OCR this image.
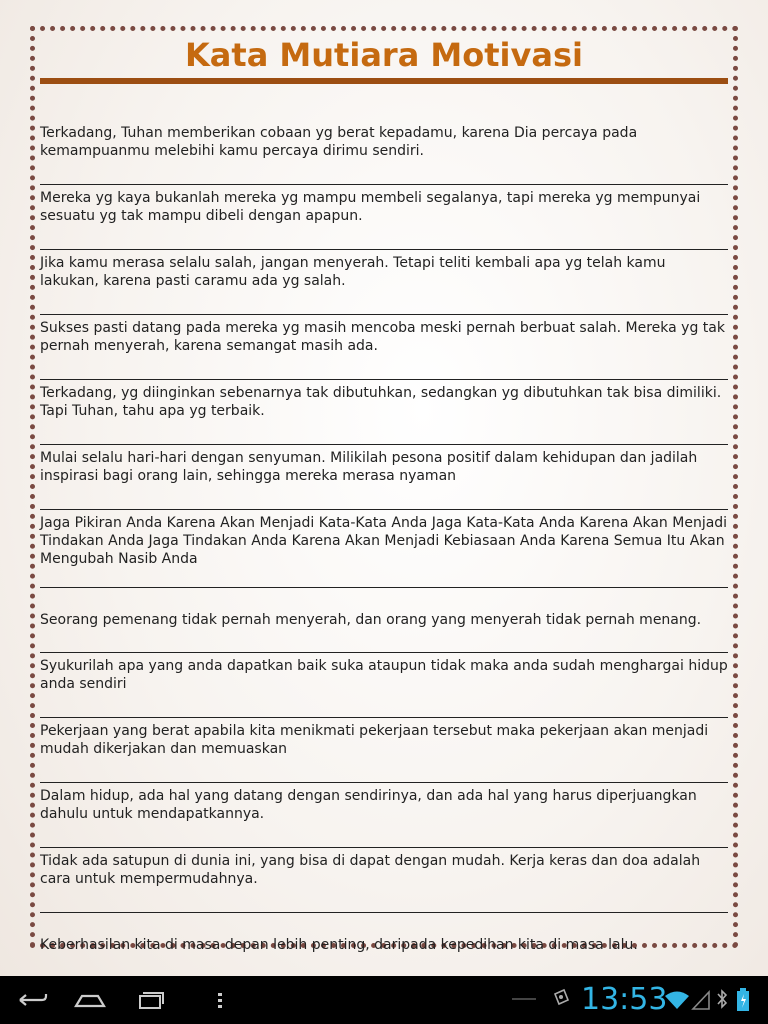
Kata Mutiara Motivasi
Terkadang, Tuhan memberikan cobaan yg berat kepadamu, karena Dia percaya pada kemampuanmu melebihi kamu percaya dirimu sendiri.
Mereka yg kaya bukanlah mereka yg mampu membeli segalanya, tapi mereka yg mempunyai sesuatu yg tak mampu dibeli dengan apapun.
Jika kamu merasa selalu salah, jangan menyerah. Tetapi teliti kembali apa yg telah kamu lakukan, karena pasti caramu ada yg salah.
Sukses pasti datang pada mereka yg masih mencoba meski pernah berbuat salah. Mereka yg tak pernah menyerah, karena semangat masih ada.
Terkadang, yg diinginkan sebenarnya tak dibutuhkan, sedangkan yg dibutuhkan tak bisa dimiliki. Tapi Tuhan, tahu apa yg terbaik.
Mulai selalu hari-hari dengan senyuman. Milikilah pesona positif dalam kehidupan dan jadilah inspirasi bagi orang lain, sehingga mereka merasa nyaman
Jaga Pikiran Anda Karena Akan Menjadi Kata-Kata Anda Jaga Kata-Kata Anda Karena Akan Menjadi Tindakan Anda Jaga Tindakan Anda Karena Akan Menjadi Kebiasaan Anda Karena Semua Itu Akan Mengubah Nasib Anda
Seorang pemenang tidak pernah menyerah, dan orang yang menyerah tidak pernah menang.
Syukurilah apa yang anda dapatkan baik suka ataupun tidak maka anda sudah menghargai hidup anda sendiri
Pekerjaan yang berat apabila kita menikmati pekerjaan tersebut maka pekerjaan akan menjadi mudah dikerjakan dan memuaskan
Dalam hidup, ada hal yang datang dengan sendirinya, dan ada hal yang harus diperjuangkan dahulu untuk mendapatkannya.
Tidak ada satupun di dunia ini, yang bisa di dapat dengan mudah. Kerja keras dan doa adalah cara untuk mempermudahnya.
Keberhasilan kita di masa depan lebih penting, daripada kepedihan kita di masa lalu.
13:53
